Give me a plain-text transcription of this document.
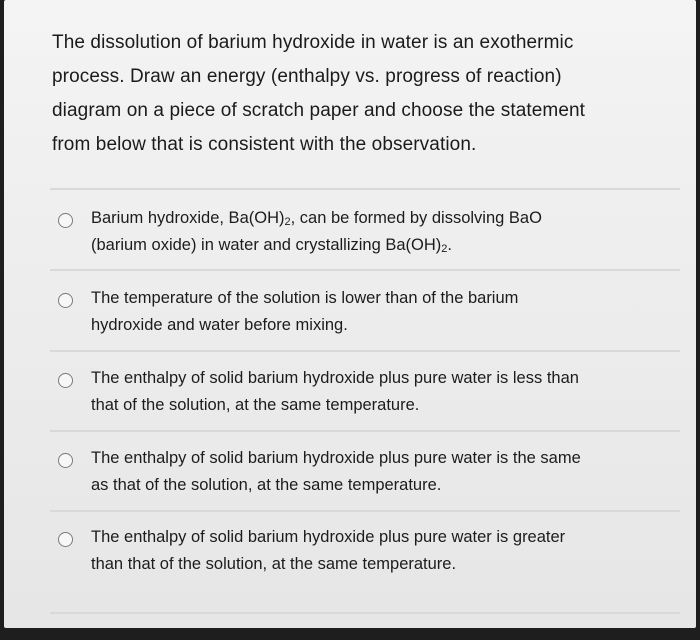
The dissolution of barium hydroxide in water is an exothermic
process. Draw an energy (enthalpy vs. progress of reaction)
diagram on a piece of scratch paper and choose the statement
from below that is consistent with the observation.
Barium hydroxide, $Ba(OH)_2$, can be formed by dissolving BaO
(barium oxide) in water and crystallizing $Ba(OH)_2$.
The temperature of the solution is lower than of the barium
hydroxide and water before mixing.
The enthalpy of solid barium hydroxide plus pure water is less than
that of the solution, at the same temperature.
The enthalpy of solid barium hydroxide plus pure water is the same
as that of the solution, at the same temperature.
The enthalpy of solid barium hydroxide plus pure water is greater
than that of the solution, at the same temperature.
